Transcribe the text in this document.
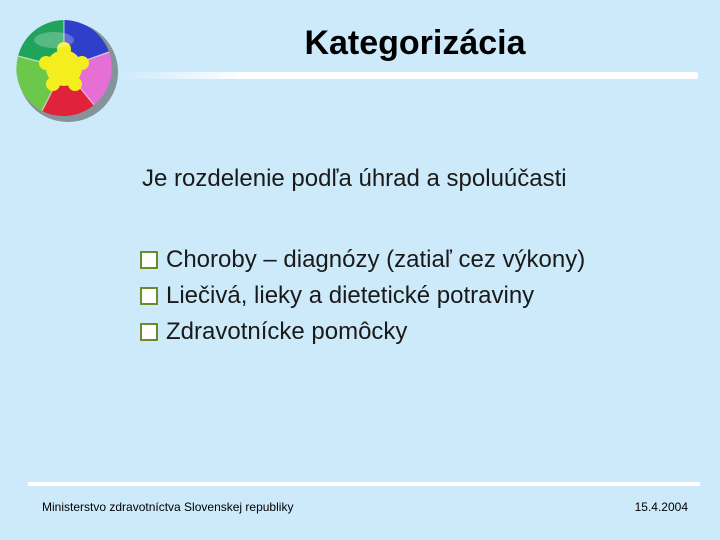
Kategorizácia
Je rozdelenie podľa úhrad a spoluúčasti
Choroby – diagnózy (zatiaľ cez výkony)
Liečivá, lieky a dietetické potraviny
Zdravotnícke pomôcky
Ministerstvo zdravotníctva Slovenskej republiky	15.4.2004
